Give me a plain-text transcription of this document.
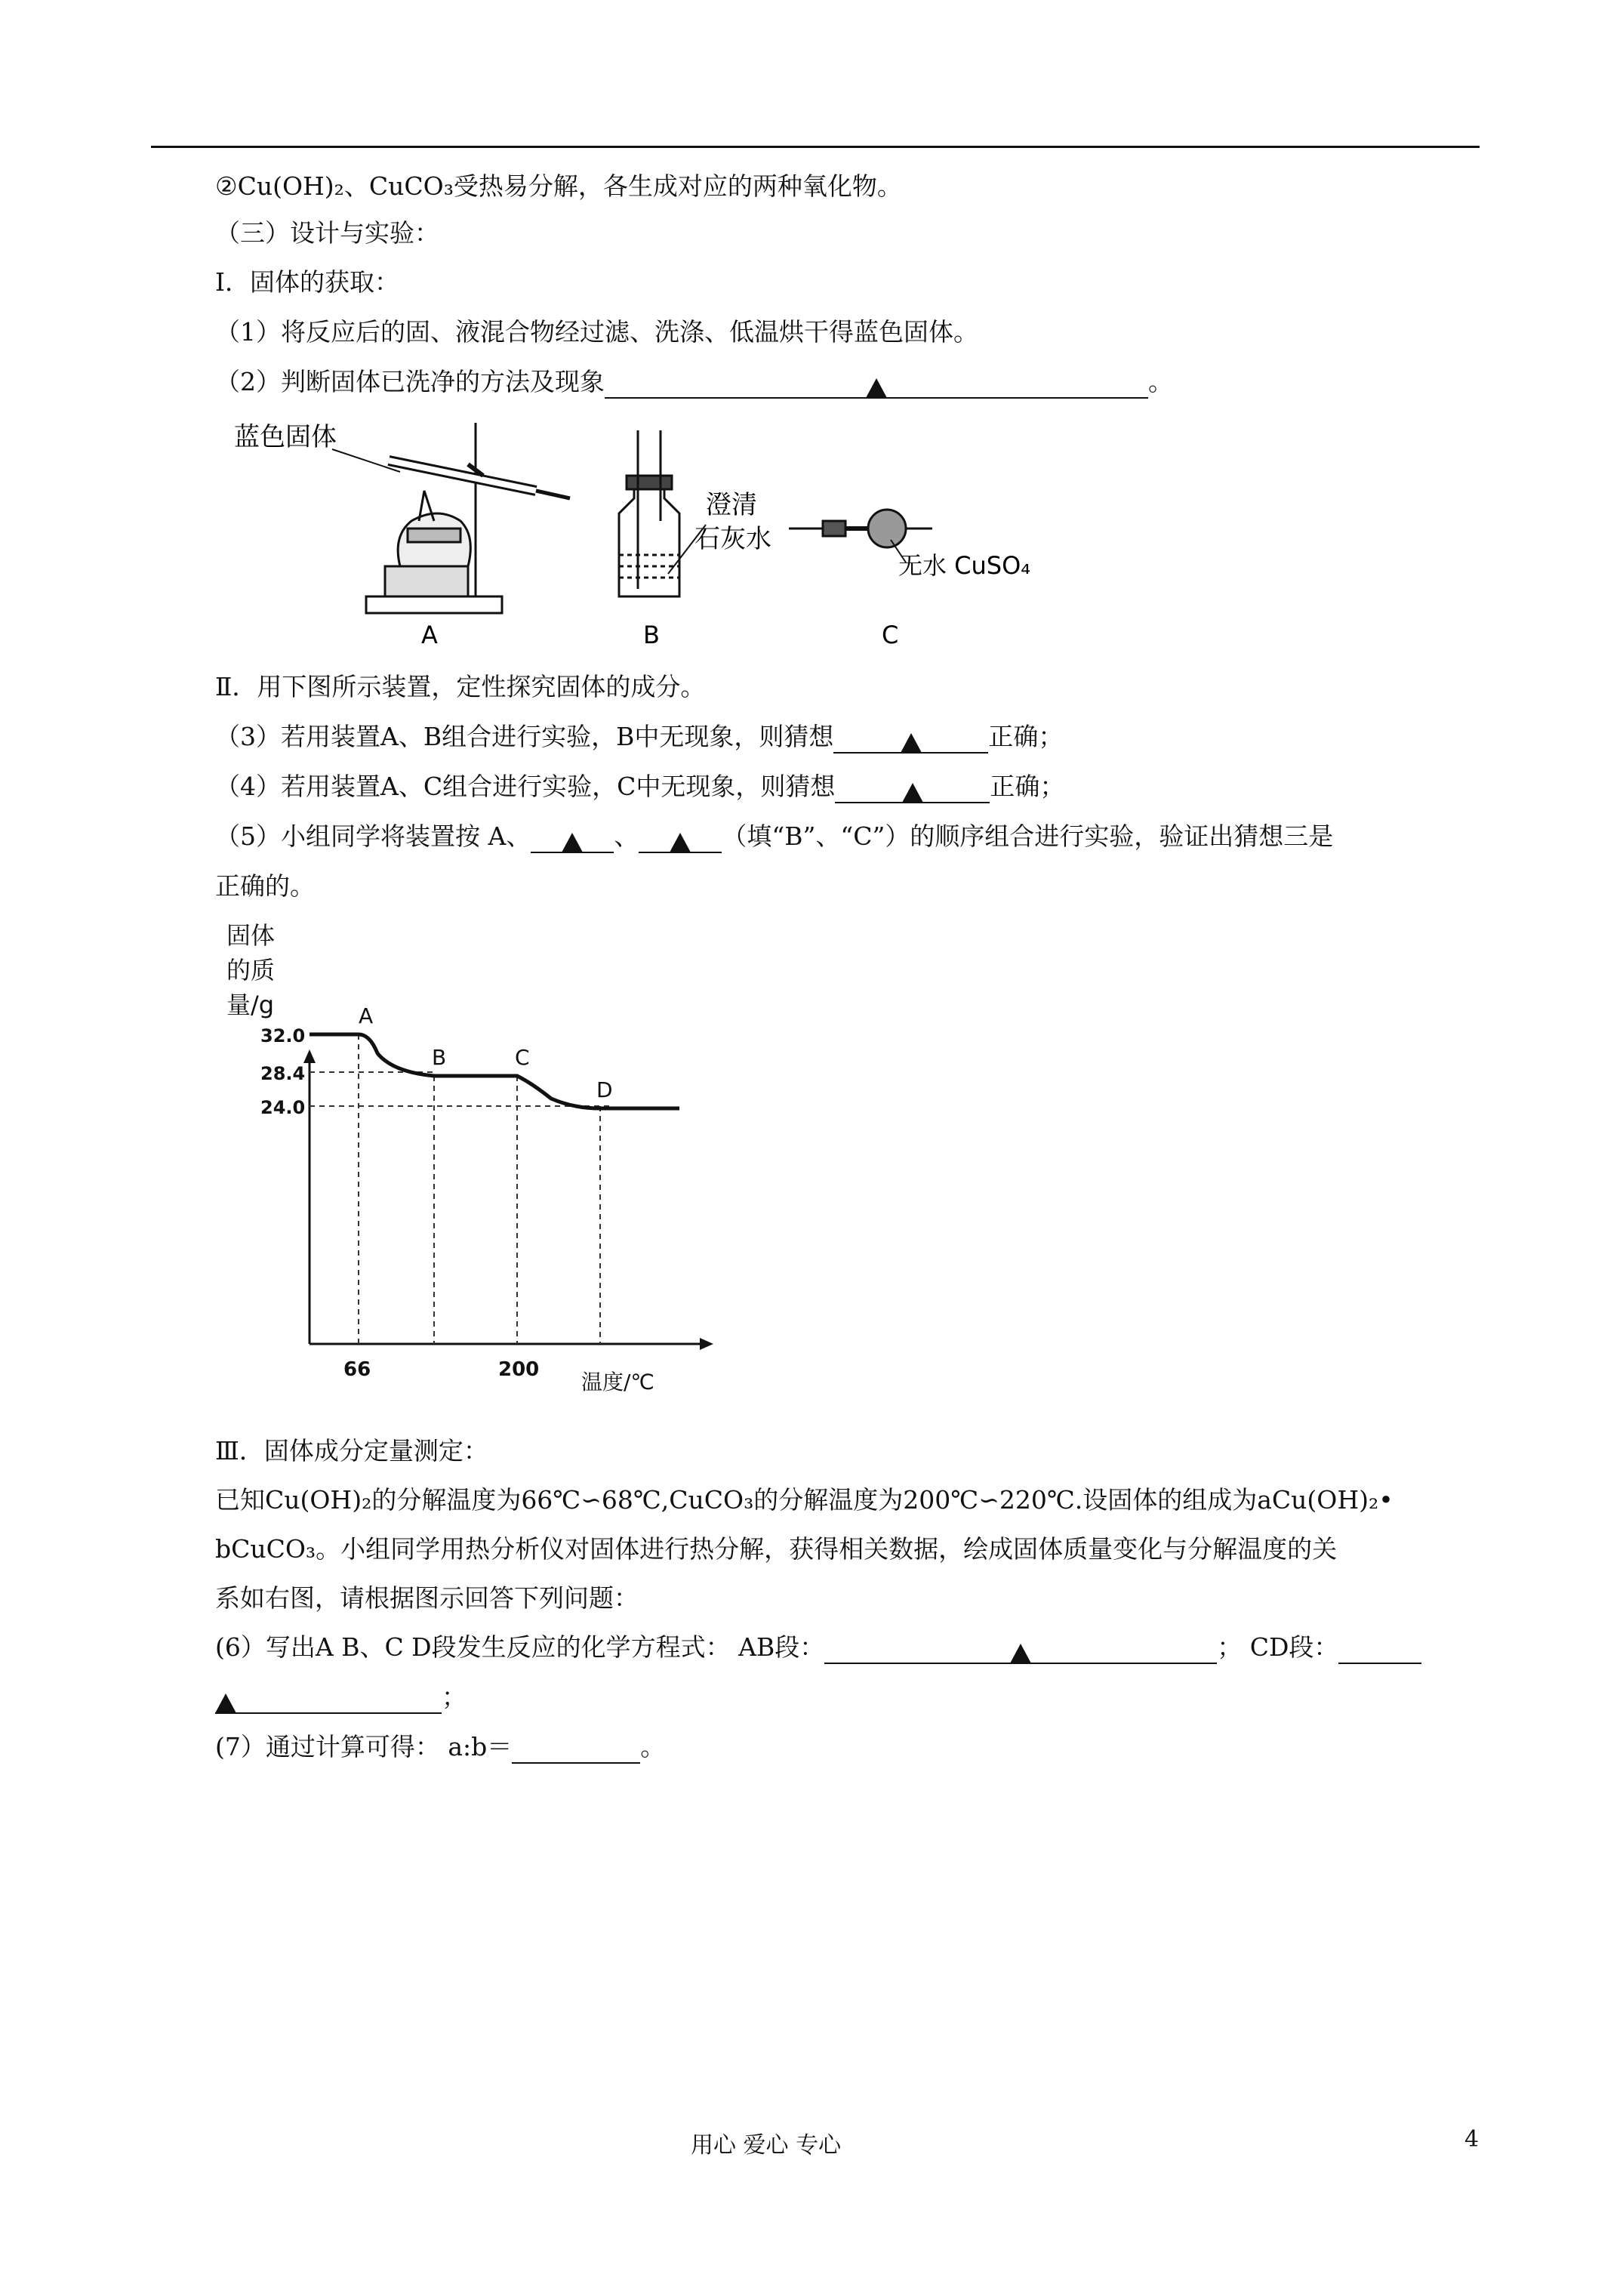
②Cu(OH)₂、CuCO₃受热易分解，各生成对应的两种氧化物。
（三）设计与实验：
Ⅰ．固体的获取：
（1）将反应后的固、液混合物经过滤、洗涤、低温烘干得蓝色固体。
（2）判断固体已洗净的方法及现象	。
蓝色固体
澄清
石灰水
无水 CuSO₄
A	B	C
Ⅱ．用下图所示装置，定性探究固体的成分。
（3）若用装置A、B组合进行实验，B中无现象，则猜想	正确；
（4）若用装置A、C组合进行实验，C中无现象，则猜想	正确；
（5）小组同学将装置按 A、	、	（填“B”、“C”）的顺序组合进行实验，验证出猜想三是
正确的。
固体
的质
量/g
32.0
28.4
24.0
66	200 温度/℃
A
B	C
D
Ⅲ．固体成分定量测定：
已知Cu(OH)₂的分解温度为66℃∽68℃,CuCO₃的分解温度为200℃∽220℃.设固体的组成为aCu(OH)₂•
bCuCO₃。小组同学用热分析仪对固体进行热分解，获得相关数据，绘成固体质量变化与分解温度的关
系如右图，请根据图示回答下列问题：
(6）写出A B、C D段发生反应的化学方程式： AB段：	； CD段：
；
(7）通过计算可得： a:b＝	。
用心 爱心 专心	4
